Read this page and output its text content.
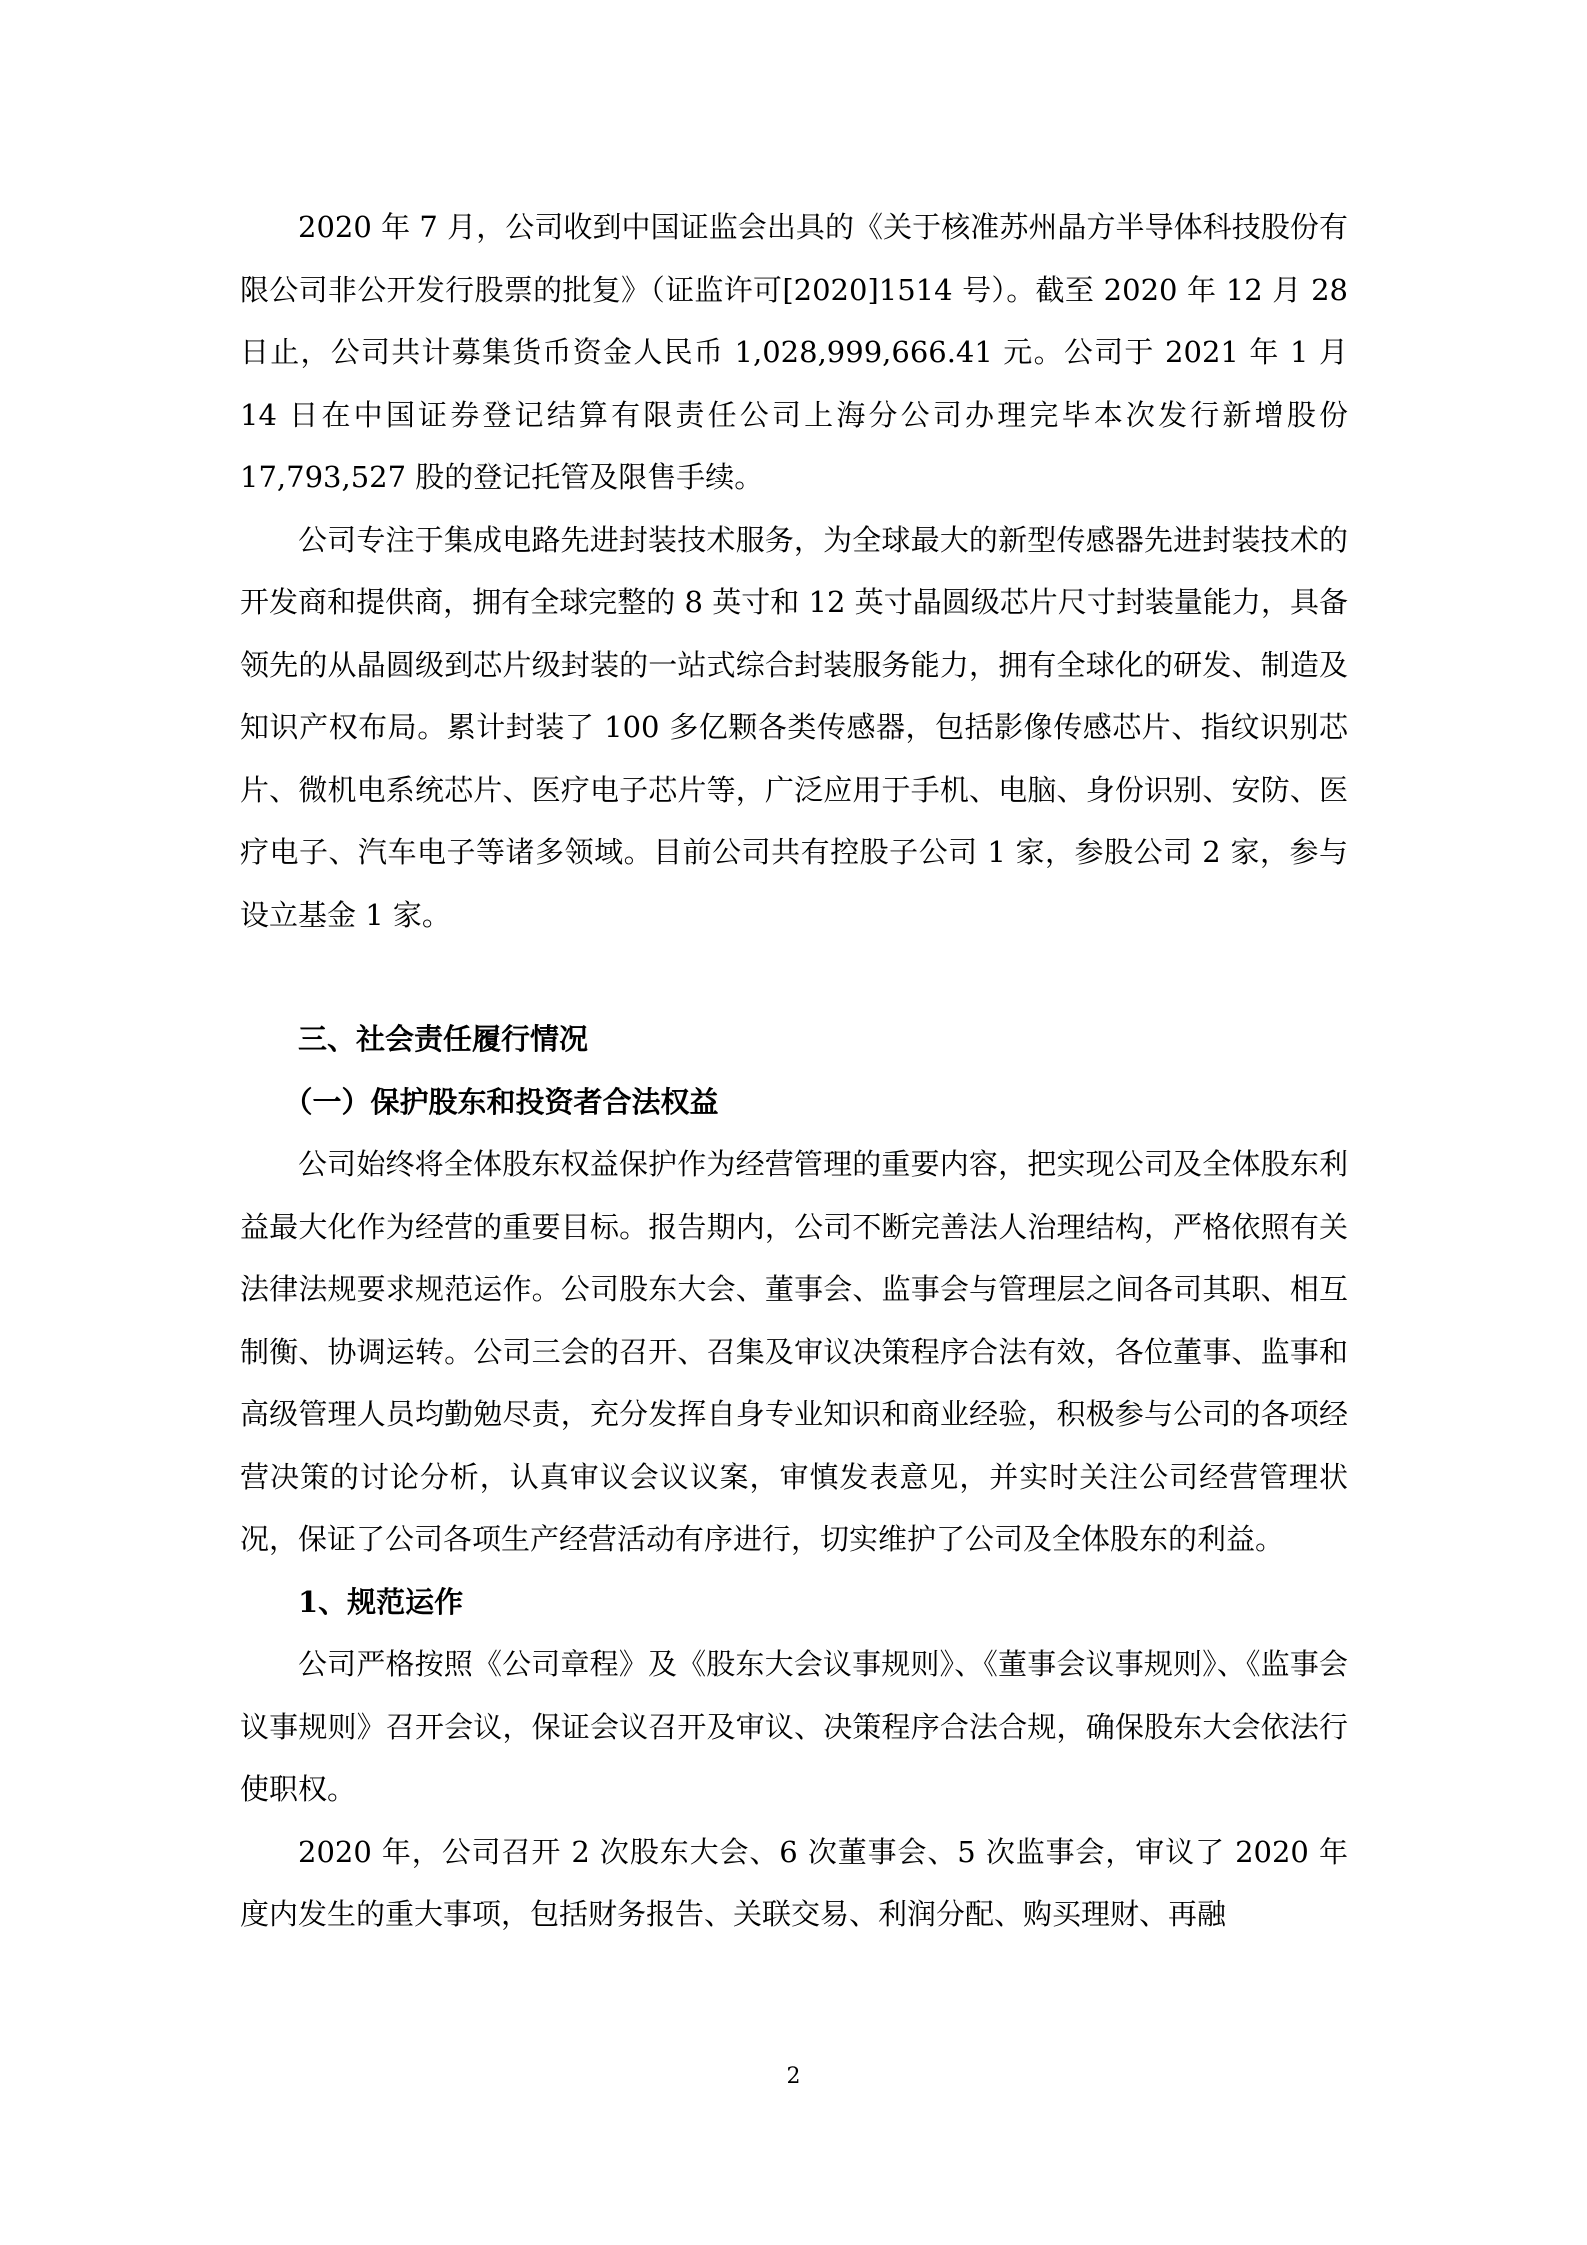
2020 年 7 月，公司收到中国证监会出具的《关于核准苏州晶方半导体科技股份有限公司非公开发行股票的批复》（证监许可[2020]1514 号）。截至 2020 年 12 月 28 日止，公司共计募集货币资金人民币 1,028,999,666.41 元。公司于 2021 年 1 月 14 日在中国证券登记结算有限责任公司上海分公司办理完毕本次发行新增股份 17,793,527 股的登记托管及限售手续。

公司专注于集成电路先进封装技术服务，为全球最大的新型传感器先进封装技术的开发商和提供商，拥有全球完整的 8 英寸和 12 英寸晶圆级芯片尺寸封装量能力，具备领先的从晶圆级到芯片级封装的一站式综合封装服务能力，拥有全球化的研发、制造及知识产权布局。累计封装了 100 多亿颗各类传感器，包括影像传感芯片、指纹识别芯片、微机电系统芯片、医疗电子芯片等，广泛应用于手机、电脑、身份识别、安防、医疗电子、汽车电子等诸多领域。目前公司共有控股子公司 1 家，参股公司 2 家，参与设立基金 1 家。

三、社会责任履行情况
（一）保护股东和投资者合法权益

公司始终将全体股东权益保护作为经营管理的重要内容，把实现公司及全体股东利益最大化作为经营的重要目标。报告期内，公司不断完善法人治理结构，严格依照有关法律法规要求规范运作。公司股东大会、董事会、监事会与管理层之间各司其职、相互制衡、协调运转。公司三会的召开、召集及审议决策程序合法有效，各位董事、监事和高级管理人员均勤勉尽责，充分发挥自身专业知识和商业经验，积极参与公司的各项经营决策的讨论分析，认真审议会议议案，审慎发表意见，并实时关注公司经营管理状况，保证了公司各项生产经营活动有序进行，切实维护了公司及全体股东的利益。

1、规范运作

公司严格按照《公司章程》及《股东大会议事规则》、《董事会议事规则》、《监事会议事规则》召开会议，保证会议召开及审议、决策程序合法合规，确保股东大会依法行使职权。

2020 年，公司召开 2 次股东大会、6 次董事会、5 次监事会，审议了 2020 年度内发生的重大事项，包括财务报告、关联交易、利润分配、购买理财、再融

2
